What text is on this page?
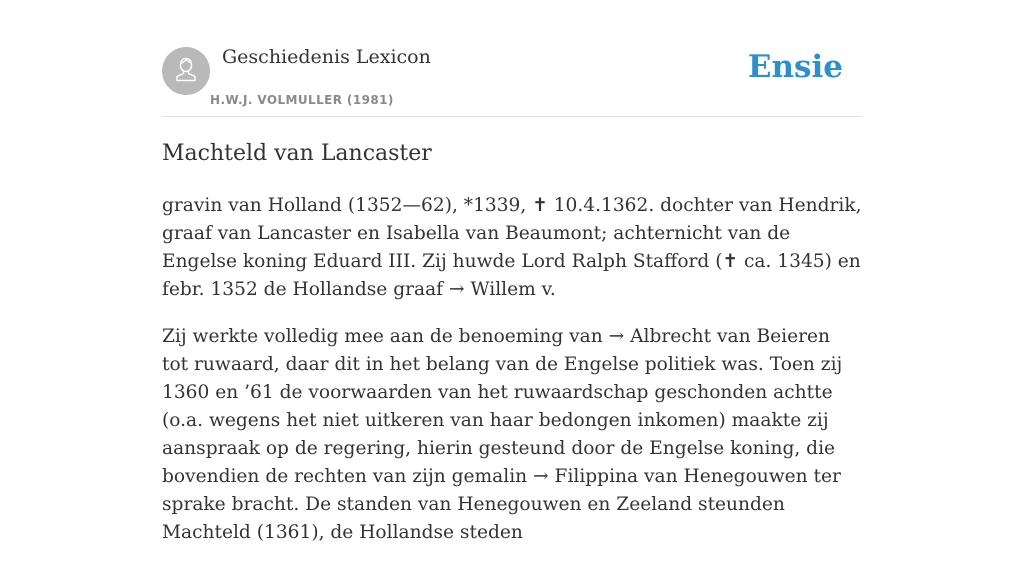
Geschiedenis Lexicon
H.W.J. VOLMULLER (1981)
Ensie
Machteld van Lancaster

gravin van Holland (1352—62), *1339, ✝ 10.4.1362. dochter van Hendrik, graaf van Lancaster en Isabella van Beaumont; achternicht van de Engelse koning Eduard III. Zij huwde Lord Ralph Stafford (✝ ca. 1345) en febr. 1352 de Hollandse graaf → Willem v.

Zij werkte volledig mee aan de benoeming van → Albrecht van Beieren tot ruwaard, daar dit in het belang van de Engelse politiek was. Toen zij 1360 en ’61 de voorwaarden van het ruwaardschap geschonden achtte (o.a. wegens het niet uitkeren van haar bedongen inkomen) maakte zij aanspraak op de regering, hierin gesteund door de Engelse koning, die bovendien de rechten van zijn gemalin → Filippina van Henegouwen ter sprake bracht. De standen van Henegouwen en Zeeland steunden Machteld (1361), de Hollandse steden
